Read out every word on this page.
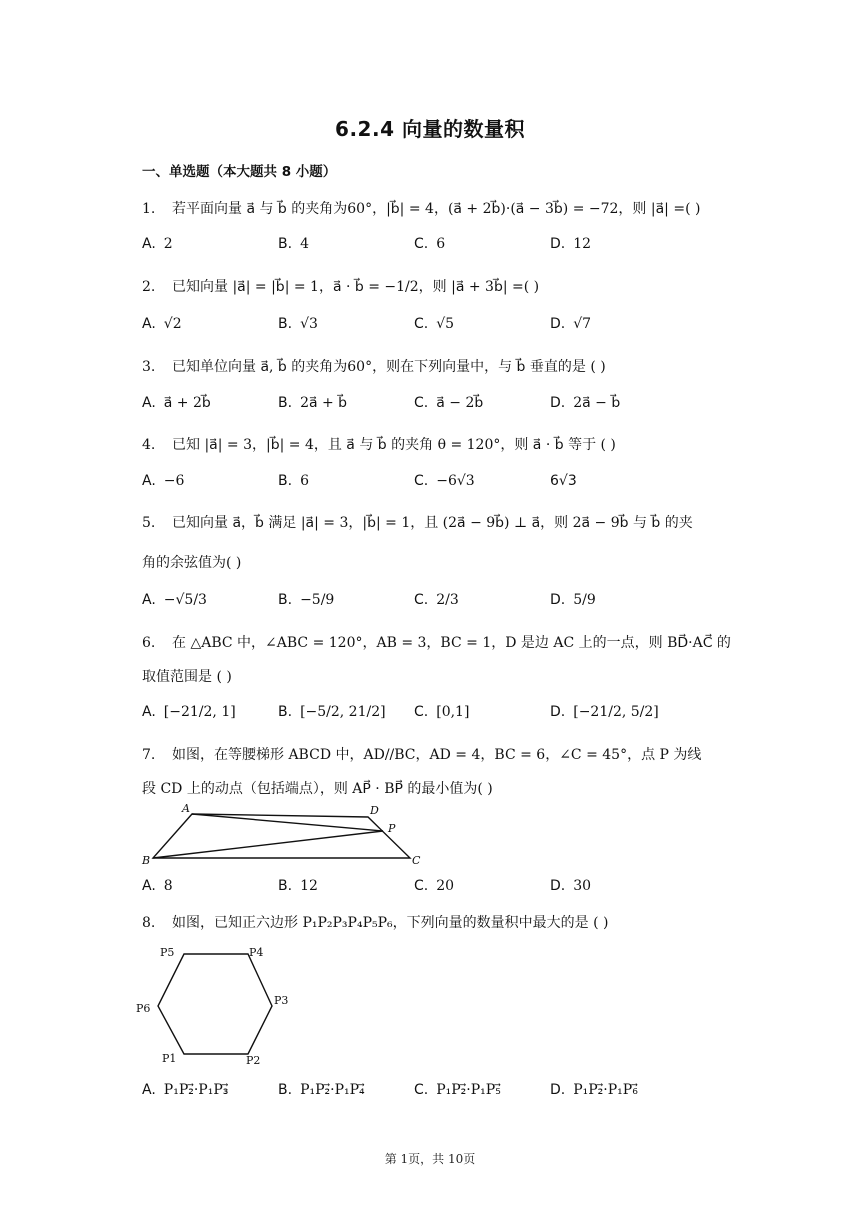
6.2.4 向量的数量积
一、单选题（本大题共 8 小题）
1. 若平面向量 a⃗ 与 b⃗ 的夹角为60°，|b⃗| = 4，(a⃗ + 2b⃗)·(a⃗ − 3b⃗) = −72，则 |a⃗| =( )
A. 2	B. 4	C. 6	D. 12
2. 已知向量 |a⃗| = |b⃗| = 1，a⃗ · b⃗ = −1/2，则 |a⃗ + 3b⃗| =( )
A. √2	B. √3	C. √5	D. √7
3. 已知单位向量 a⃗, b⃗ 的夹角为60°，则在下列向量中，与 b⃗ 垂直的是 ( )
A. a⃗ + 2b⃗	B. 2a⃗ + b⃗	C. a⃗ − 2b⃗	D. 2a⃗ − b⃗
4. 已知 |a⃗| = 3，|b⃗| = 4，且 a⃗ 与 b⃗ 的夹角 θ = 120°，则 a⃗ · b⃗ 等于 ( )
A. −6	B. 6	C. −6√3	6√3
5. 已知向量 a⃗，b⃗ 满足 |a⃗| = 3，|b⃗| = 1，且 (2a⃗ − 9b⃗) ⊥ a⃗，则 2a⃗ − 9b⃗ 与 b⃗ 的夹
角的余弦值为( )
A. −√5/3	B. −5/9	C. 2/3	D. 5/9
6. 在 △ABC 中，∠ABC = 120°，AB = 3，BC = 1，D 是边 AC 上的一点，则 BD⃗·AC⃗ 的
取值范围是 ( )
A. [−21/2, 1]	B. [−5/2, 21/2] C. [0,1]	D. [−21/2, 5/2]
7. 如图，在等腰梯形 ABCD 中，AD//BC，AD = 4，BC = 6，∠C = 45°，点 P 为线
段 CD 上的动点（包括端点），则 AP⃗ · BP⃗ 的最小值为( )
A	D
P
B	C
A. 8	B. 12	C. 20	D. 30
8. 如图，已知正六边形 P₁P₂P₃P₄P₅P₆，下列向量的数量积中最大的是 ( )
P5	P4
P6
P3
P1	P2
A. P₁P₂⃗·P₁P₃⃗	B. P₁P₂⃗·P₁P₄⃗	C. P₁P₂⃗·P₁P₅⃗	D. P₁P₂⃗·P₁P₆⃗
第 1页，共 10页
